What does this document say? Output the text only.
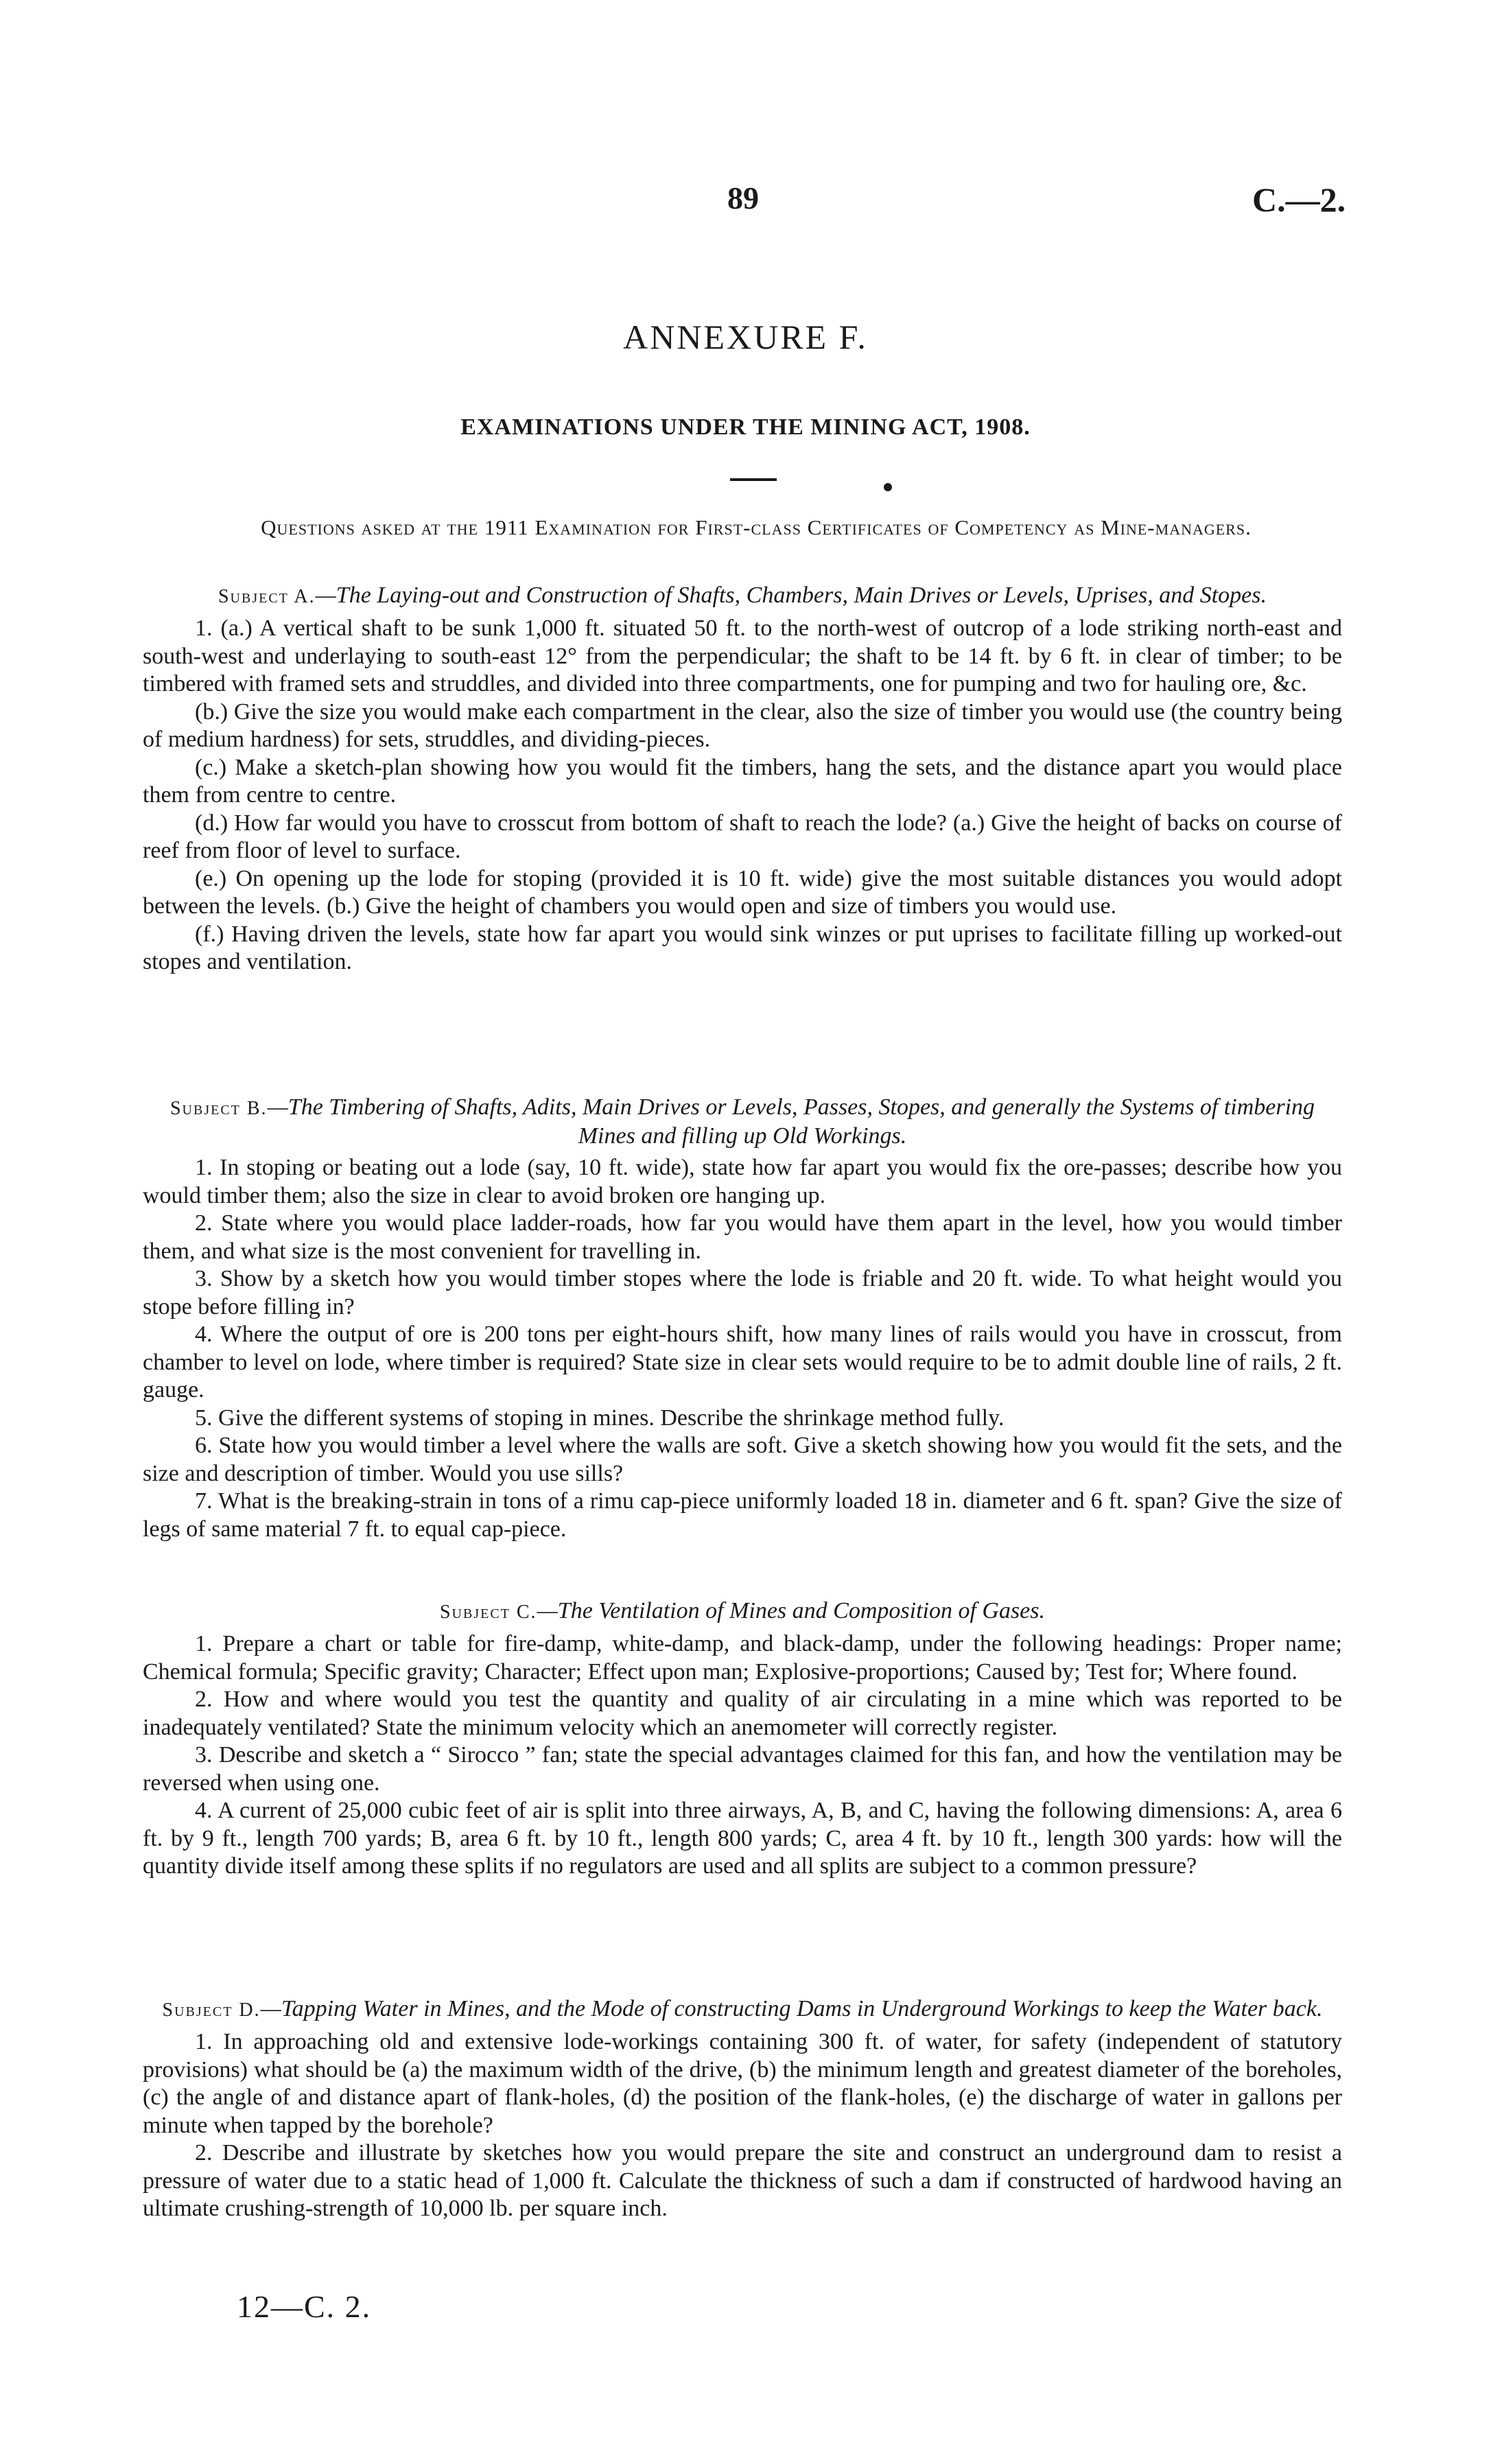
89	C.—2.
ANNEXURE F.
EXAMINATIONS UNDER THE MINING ACT, 1908.
Questions asked at the 1911 Examination for First-class Certificates of Competency as Mine-managers.
Subject A.—The Laying-out and Construction of Shafts, Chambers, Main Drives or Levels, Uprises, and Stopes.

1. (a.) A vertical shaft to be sunk 1,000 ft. situated 50 ft. to the north-west of outcrop of a lode striking north-east and south-west and underlaying to south-east 12° from the perpendicular; the shaft to be 14 ft. by 6 ft. in clear of timber; to be timbered with framed sets and struddles, and divided into three compartments, one for pumping and two for hauling ore, &c.

(b.) Give the size you would make each compartment in the clear, also the size of timber you would use (the country being of medium hardness) for sets, struddles, and dividing-pieces.

(c.) Make a sketch-plan showing how you would fit the timbers, hang the sets, and the distance apart you would place them from centre to centre.

(d.) How far would you have to crosscut from bottom of shaft to reach the lode? (a.) Give the height of backs on course of reef from floor of level to surface.

(e.) On opening up the lode for stoping (provided it is 10 ft. wide) give the most suitable distances you would adopt between the levels. (b.) Give the height of chambers you would open and size of timbers you would use.

(f.) Having driven the levels, state how far apart you would sink winzes or put uprises to facilitate filling up worked-out stopes and ventilation.

Subject B.—The Timbering of Shafts, Adits, Main Drives or Levels, Passes, Stopes, and generally the Systems of timbering Mines and filling up Old Workings.

1. In stoping or beating out a lode (say, 10 ft. wide), state how far apart you would fix the ore-passes; describe how you would timber them; also the size in clear to avoid broken ore hanging up.

2. State where you would place ladder-roads, how far you would have them apart in the level, how you would timber them, and what size is the most convenient for travelling in.

3. Show by a sketch how you would timber stopes where the lode is friable and 20 ft. wide. To what height would you stope before filling in?

4. Where the output of ore is 200 tons per eight-hours shift, how many lines of rails would you have in crosscut, from chamber to level on lode, where timber is required? State size in clear sets would require to be to admit double line of rails, 2 ft. gauge.

5. Give the different systems of stoping in mines. Describe the shrinkage method fully.

6. State how you would timber a level where the walls are soft. Give a sketch showing how you would fit the sets, and the size and description of timber. Would you use sills?

7. What is the breaking-strain in tons of a rimu cap-piece uniformly loaded 18 in. diameter and 6 ft. span? Give the size of legs of same material 7 ft. to equal cap-piece.

Subject C.—The Ventilation of Mines and Composition of Gases.

1. Prepare a chart or table for fire-damp, white-damp, and black-damp, under the following headings: Proper name; Chemical formula; Specific gravity; Character; Effect upon man; Explosive-proportions; Caused by; Test for; Where found.

2. How and where would you test the quantity and quality of air circulating in a mine which was reported to be inadequately ventilated? State the minimum velocity which an anemometer will correctly register.

3. Describe and sketch a “ Sirocco ” fan; state the special advantages claimed for this fan, and how the ventilation may be reversed when using one.

4. A current of 25,000 cubic feet of air is split into three airways, A, B, and C, having the following dimensions: A, area 6 ft. by 9 ft., length 700 yards; B, area 6 ft. by 10 ft., length 800 yards; C, area 4 ft. by 10 ft., length 300 yards: how will the quantity divide itself among these splits if no regulators are used and all splits are subject to a common pressure?

Subject D.—Tapping Water in Mines, and the Mode of constructing Dams in Underground Workings to keep the Water back.

1. In approaching old and extensive lode-workings containing 300 ft. of water, for safety (independent of statutory provisions) what should be (a) the maximum width of the drive, (b) the minimum length and greatest diameter of the boreholes, (c) the angle of and distance apart of flank-holes, (d) the position of the flank-holes, (e) the discharge of water in gallons per minute when tapped by the borehole?

2. Describe and illustrate by sketches how you would prepare the site and construct an underground dam to resist a pressure of water due to a static head of 1,000 ft. Calculate the thickness of such a dam if constructed of hardwood having an ultimate crushing-strength of 10,000 lb. per square inch.

12—C. 2.
